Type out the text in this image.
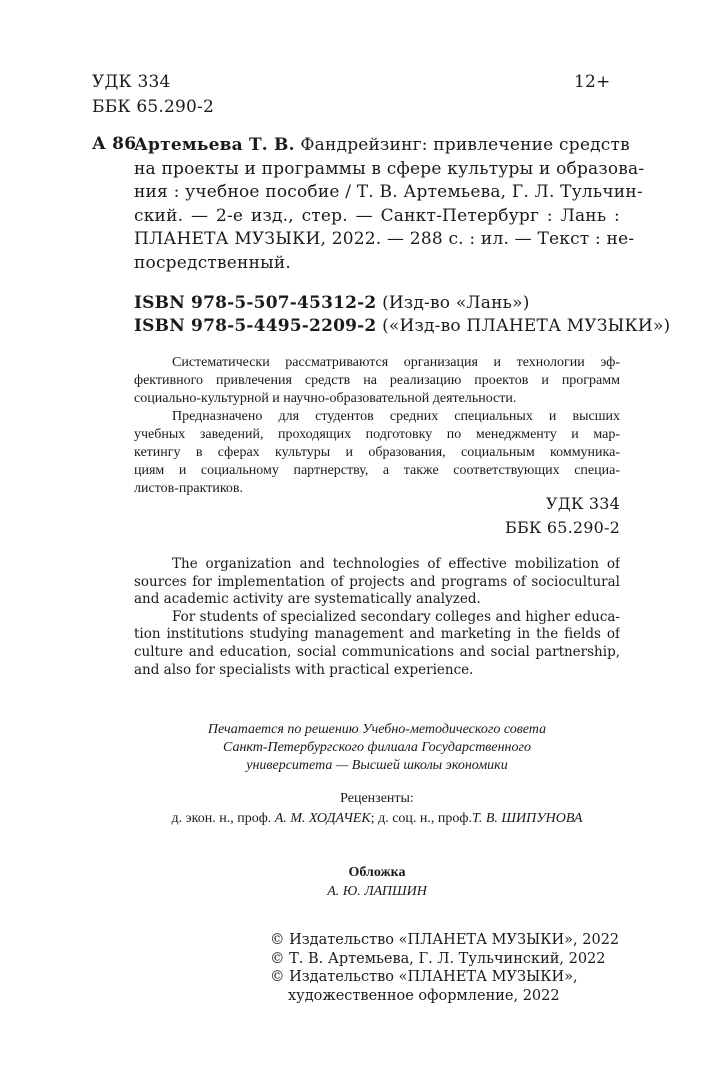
УДК 334
ББК 65.290-2
12+
А 86
Артемьева Т. В. Фандрейзинг: привлечение средств
на проекты и программы в сфере культуры и образова-
ния : учебное пособие / Т. В. Артемьева, Г. Л. Тульчин-
ский. — 2-е изд., стер. — Санкт-Петербург : Лань :
ПЛАНЕТА МУЗЫКИ, 2022. — 288 с. : ил. — Текст : не-
посредственный.
ISBN 978-5-507-45312-2 (Изд-во «Лань»)
ISBN 978-5-4495-2209-2 («Изд-во ПЛАНЕТА МУЗЫКИ»)
Систематически рассматриваются организация и технологии эф-
фективного привлечения средств на реализацию проектов и программ
социально-культурной и научно-образовательной деятельности.
Предназначено для студентов средних специальных и высших
учебных заведений, проходящих подготовку по менеджменту и мар-
кетингу в сферах культуры и образования, социальным коммуника-
циям и социальному партнерству, а также соответствующих специа-
листов-практиков.
УДК 334
ББК 65.290-2
The organization and technologies of effective mobilization of
sources for implementation of projects and programs of sociocultural
and academic activity are systematically analyzed.
For students of specialized secondary colleges and higher educa-
tion institutions studying management and marketing in the fields of
culture and education, social communications and social partnership,
and also for specialists with practical experience.
Печатается по решению Учебно-методического совета
Санкт-Петербургского филиала Государственного
университета — Высшей школы экономики
Рецензенты:
д. экон. н., проф. А. М. ХОДАЧЕК; д. соц. н., проф.Т. В. ШИПУНОВА
Обложка
А. Ю. ЛАПШИН
© Издательство «ПЛАНЕТА МУЗЫКИ», 2022
© Т. В. Артемьева, Г. Л. Тульчинский, 2022
© Издательство «ПЛАНЕТА МУЗЫКИ»,
художественное оформление, 2022
